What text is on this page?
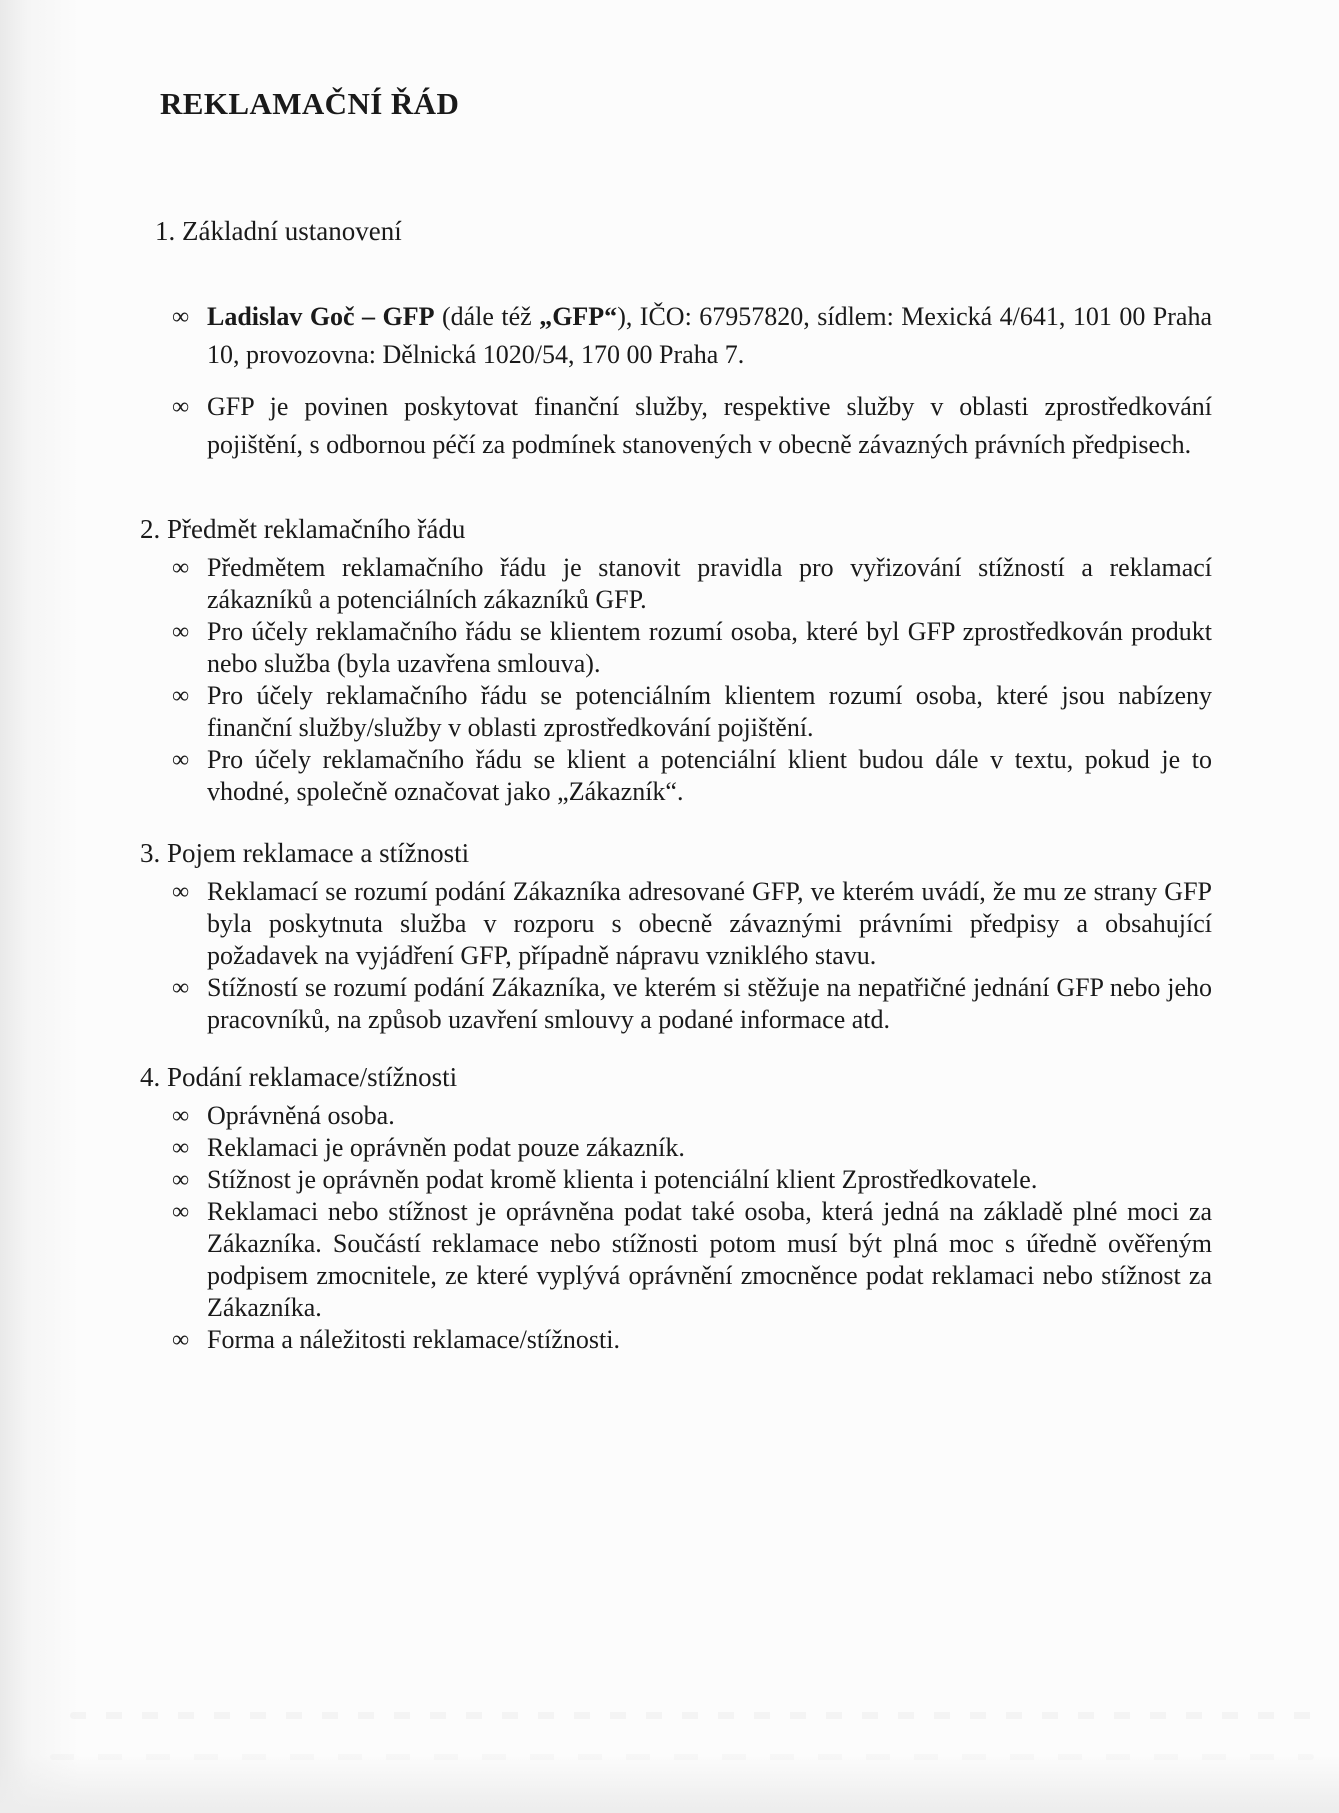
REKLAMAČNÍ ŘÁD
1. Základní ustanovení
∞ Ladislav Goč – GFP (dále též „GFP“), IČO: 67957820, sídlem: Mexická 4/641, 101 00 Praha 10, provozovna: Dělnická 1020/54, 170 00 Praha 7.
∞ GFP je povinen poskytovat finanční služby, respektive služby v oblasti zprostředkování pojištění, s odbornou péčí za podmínek stanovených v obecně závazných právních předpisech.
2. Předmět reklamačního řádu
∞ Předmětem reklamačního řádu je stanovit pravidla pro vyřizování stížností a reklamací zákazníků a potenciálních zákazníků GFP.
∞ Pro účely reklamačního řádu se klientem rozumí osoba, které byl GFP zprostředkován produkt nebo služba (byla uzavřena smlouva).
∞ Pro účely reklamačního řádu se potenciálním klientem rozumí osoba, které jsou nabízeny finanční služby/služby v oblasti zprostředkování pojištění.
∞ Pro účely reklamačního řádu se klient a potenciální klient budou dále v textu, pokud je to vhodné, společně označovat jako „Zákazník“.
3. Pojem reklamace a stížnosti
∞ Reklamací se rozumí podání Zákazníka adresované GFP, ve kterém uvádí, že mu ze strany GFP byla poskytnuta služba v rozporu s obecně závaznými právními předpisy a obsahující požadavek na vyjádření GFP, případně nápravu vzniklého stavu.
∞ Stížností se rozumí podání Zákazníka, ve kterém si stěžuje na nepatřičné jednání GFP nebo jeho pracovníků, na způsob uzavření smlouvy a podané informace atd.
4. Podání reklamace/stížnosti
∞ Oprávněná osoba.
∞ Reklamaci je oprávněn podat pouze zákazník.
∞ Stížnost je oprávněn podat kromě klienta i potenciální klient Zprostředkovatele.
∞ Reklamaci nebo stížnost je oprávněna podat také osoba, která jedná na základě plné moci za Zákazníka. Součástí reklamace nebo stížnosti potom musí být plná moc s úředně ověřeným podpisem zmocnitele, ze které vyplývá oprávnění zmocněnce podat reklamaci nebo stížnost za Zákazníka.
∞ Forma a náležitosti reklamace/stížnosti.
